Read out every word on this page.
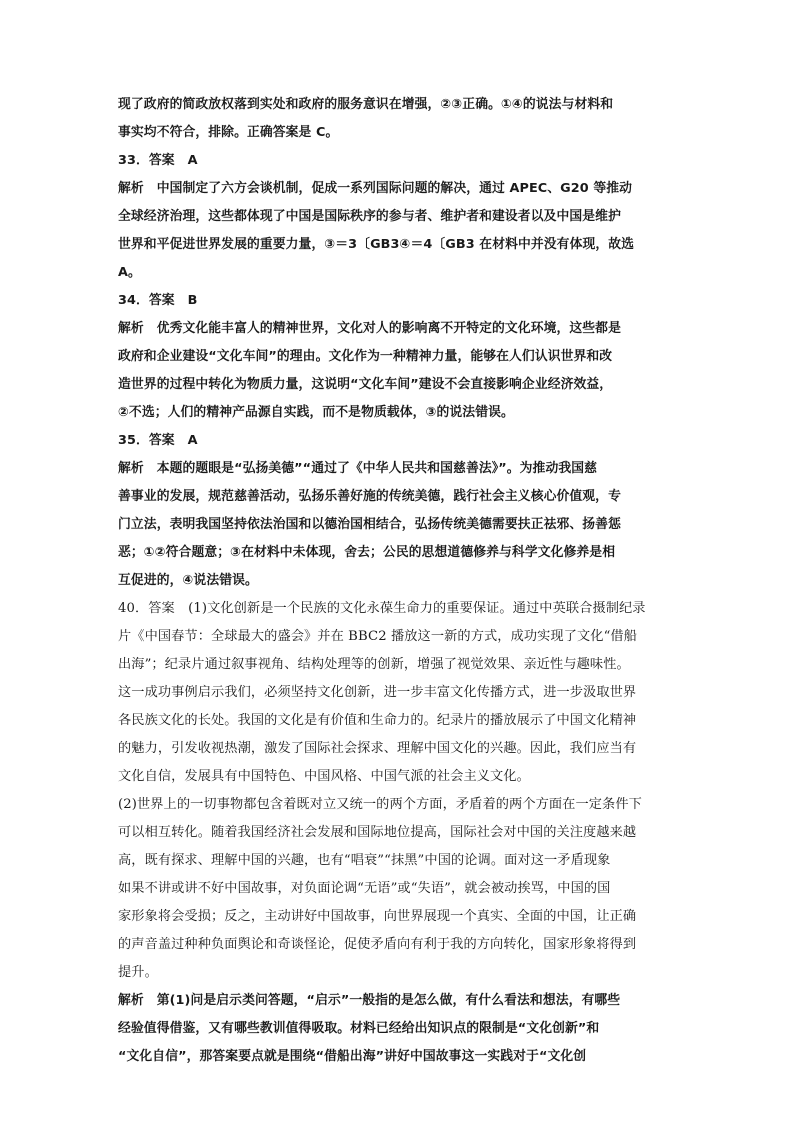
现了政府的简政放权落到实处和政府的服务意识在增强，②③正确。①④的说法与材料和
事实均不符合，排除。正确答案是 C。
33．答案　A
解析　中国制定了六方会谈机制，促成一系列国际问题的解决，通过 APEC、G20 等推动
全球经济治理，这些都体现了中国是国际秩序的参与者、维护者和建设者以及中国是维护
世界和平促进世界发展的重要力量，③＝3〔GB3④＝4〔GB3 在材料中并没有体现，故选
A。
34．答案　B
解析　优秀文化能丰富人的精神世界，文化对人的影响离不开特定的文化环境，这些都是
政府和企业建设“文化车间”的理由。文化作为一种精神力量，能够在人们认识世界和改
造世界的过程中转化为物质力量，这说明“文化车间”建设不会直接影响企业经济效益，
②不选；人们的精神产品源自实践，而不是物质载体，③的说法错误。
35．答案　A
解析　本题的题眼是“弘扬美德”“通过了《中华人民共和国慈善法》”。为推动我国慈
善事业的发展，规范慈善活动，弘扬乐善好施的传统美德，践行社会主义核心价值观，专
门立法，表明我国坚持依法治国和以德治国相结合，弘扬传统美德需要扶正祛邪、扬善惩
恶；①②符合题意；③在材料中未体现，舍去；公民的思想道德修养与科学文化修养是相
互促进的，④说法错误。
40．答案　(1)文化创新是一个民族的文化永葆生命力的重要保证。通过中英联合摄制纪录
片《中国春节：全球最大的盛会》并在 BBC2 播放这一新的方式，成功实现了文化“借船
出海”；纪录片通过叙事视角、结构处理等的创新，增强了视觉效果、亲近性与趣味性。
这一成功事例启示我们，必须坚持文化创新，进一步丰富文化传播方式，进一步汲取世界
各民族文化的长处。我国的文化是有价值和生命力的。纪录片的播放展示了中国文化精神
的魅力，引发收视热潮，激发了国际社会探求、理解中国文化的兴趣。因此，我们应当有
文化自信，发展具有中国特色、中国风格、中国气派的社会主义文化。
(2)世界上的一切事物都包含着既对立又统一的两个方面，矛盾着的两个方面在一定条件下
可以相互转化。随着我国经济社会发展和国际地位提高，国际社会对中国的关注度越来越
高，既有探求、理解中国的兴趣，也有“唱衰”“抹黑”中国的论调。面对这一矛盾现象
如果不讲或讲不好中国故事，对负面论调“无语”或“失语”，就会被动挨骂，中国的国
家形象将会受损；反之，主动讲好中国故事，向世界展现一个真实、全面的中国，让正确
的声音盖过种种负面舆论和奇谈怪论，促使矛盾向有利于我的方向转化，国家形象将得到
提升。
解析　第(1)问是启示类问答题，“启示”一般指的是怎么做，有什么看法和想法，有哪些
经验值得借鉴，又有哪些教训值得吸取。材料已经给出知识点的限制是“文化创新”和
“文化自信”，那答案要点就是围绕“借船出海”讲好中国故事这一实践对于“文化创
